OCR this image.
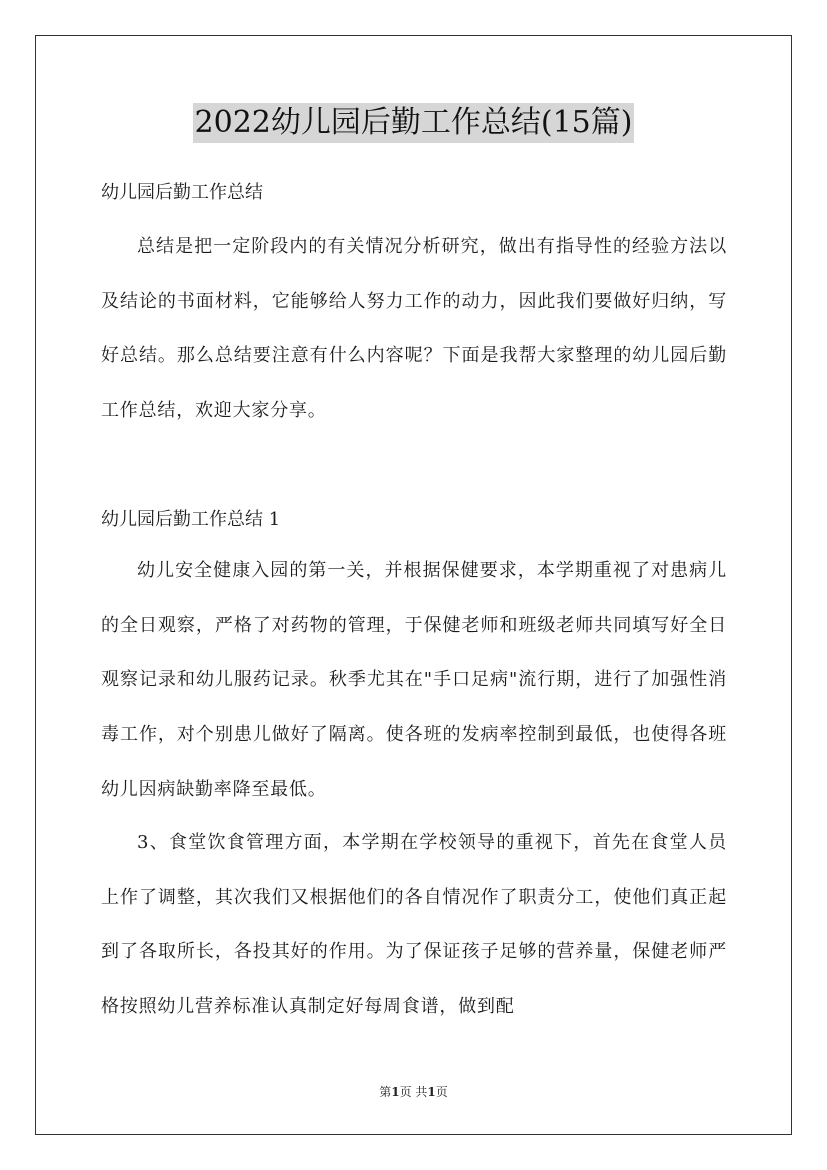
2022幼儿园后勤工作总结(15篇)
幼儿园后勤工作总结
总结是把一定阶段内的有关情况分析研究，做出有指导性的经验方法以及结论的书面材料，它能够给人努力工作的动力，因此我们要做好归纳，写好总结。那么总结要注意有什么内容呢？下面是我帮大家整理的幼儿园后勤工作总结，欢迎大家分享。
幼儿园后勤工作总结 1
幼儿安全健康入园的第一关，并根据保健要求，本学期重视了对患病儿的全日观察，严格了对药物的管理，于保健老师和班级老师共同填写好全日观察记录和幼儿服药记录。秋季尤其在"手口足病"流行期，进行了加强性消毒工作，对个别患儿做好了隔离。使各班的发病率控制到最低，也使得各班幼儿因病缺勤率降至最低。
3、食堂饮食管理方面，本学期在学校领导的重视下，首先在食堂人员上作了调整，其次我们又根据他们的各自情况作了职责分工，使他们真正起到了各取所长，各投其好的作用。为了保证孩子足够的营养量，保健老师严格按照幼儿营养标准认真制定好每周食谱，做到配
第1页 共1页
